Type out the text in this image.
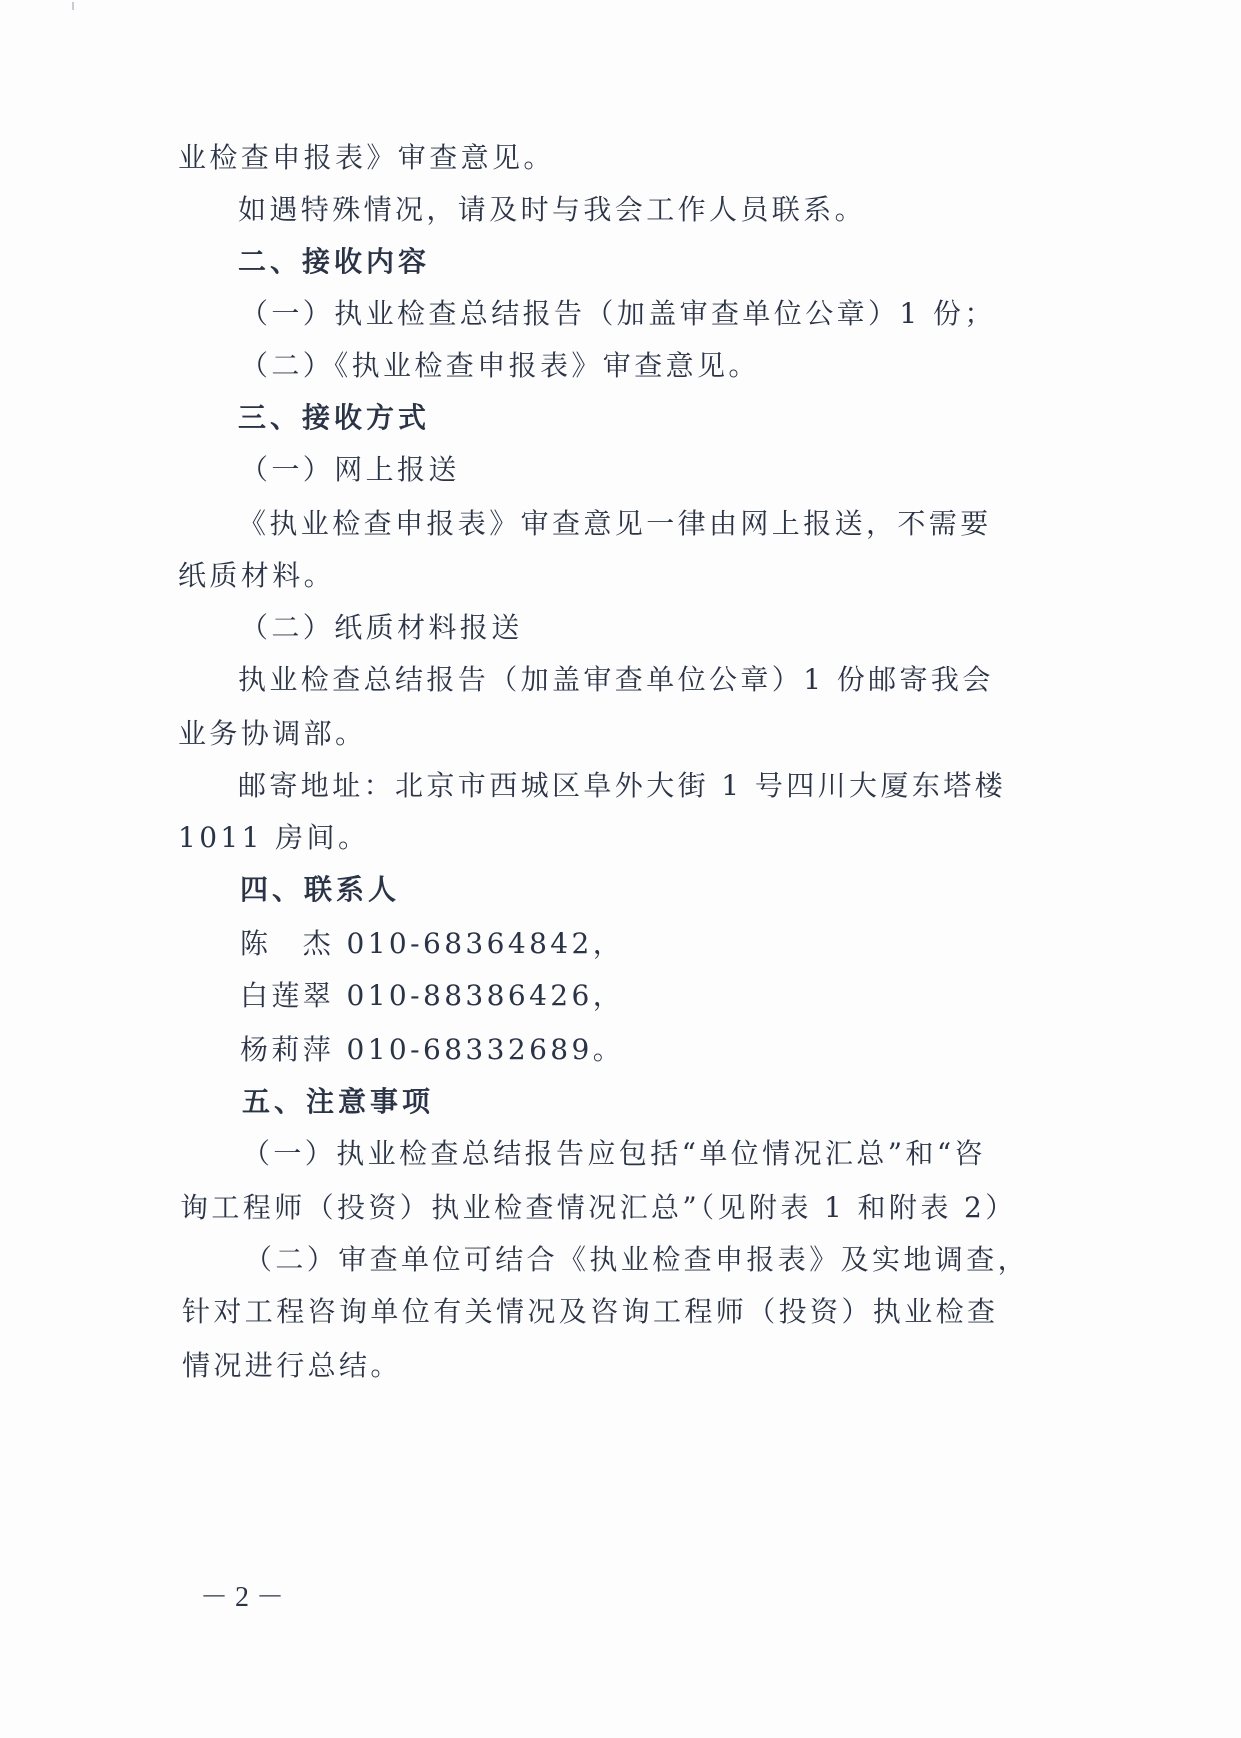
业检查申报表》审查意见。
如遇特殊情况，请及时与我会工作人员联系。
二、接收内容
（一）执业检查总结报告（加盖审查单位公章）1 份；
（二）《执业检查申报表》审查意见。
三、接收方式
（一）网上报送
《执业检查申报表》审查意见一律由网上报送，不需要
纸质材料。
（二）纸质材料报送
执业检查总结报告（加盖审查单位公章）1 份邮寄我会
业务协调部。
邮寄地址：北京市西城区阜外大街 1 号四川大厦东塔楼
1011 房间。
四、联系人
陈　杰 010-68364842，
白莲翠 010-88386426，
杨莉萍 010-68332689。
五、注意事项
（一）执业检查总结报告应包括“单位情况汇总”和“咨
询工程师（投资）执业检查情况汇总”（见附表 1 和附表 2）
（二）审查单位可结合《执业检查申报表》及实地调查，
针对工程咨询单位有关情况及咨询工程师（投资）执业检查
情况进行总结。
－ 2 －
